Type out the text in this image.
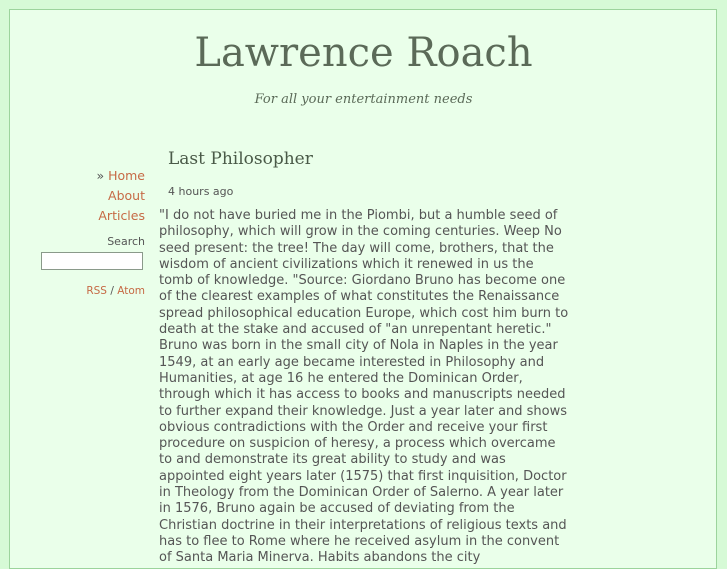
Lawrence Roach
For all your entertainment needs
» Home
About
Articles
Search
RSS / Atom
Last Philosopher
4 hours ago

"I do not have buried me in the Piombi, but a humble seed of philosophy, which will grow in the coming centuries. Weep No seed present: the tree! The day will come, brothers, that the wisdom of ancient civilizations which it renewed in us the tomb of knowledge. "Source: Giordano Bruno has become one of the clearest examples of what constitutes the Renaissance spread philosophical education Europe, which cost him burn to death at the stake and accused of "an unrepentant heretic." Bruno was born in the small city of Nola in Naples in the year 1549, at an early age became interested in Philosophy and Humanities, at age 16 he entered the Dominican Order, through which it has access to books and manuscripts needed to further expand their knowledge. Just a year later and shows obvious contradictions with the Order and receive your first procedure on suspicion of heresy, a process which overcame to and demonstrate its great ability to study and was appointed eight years later (1575) that first inquisition, Doctor in Theology from the Dominican Order of Salerno. A year later in 1576, Bruno again be accused of deviating from the Christian doctrine in their interpretations of religious texts and has to flee to Rome where he received asylum in the convent of Santa Maria Minerva. Habits abandons the city
